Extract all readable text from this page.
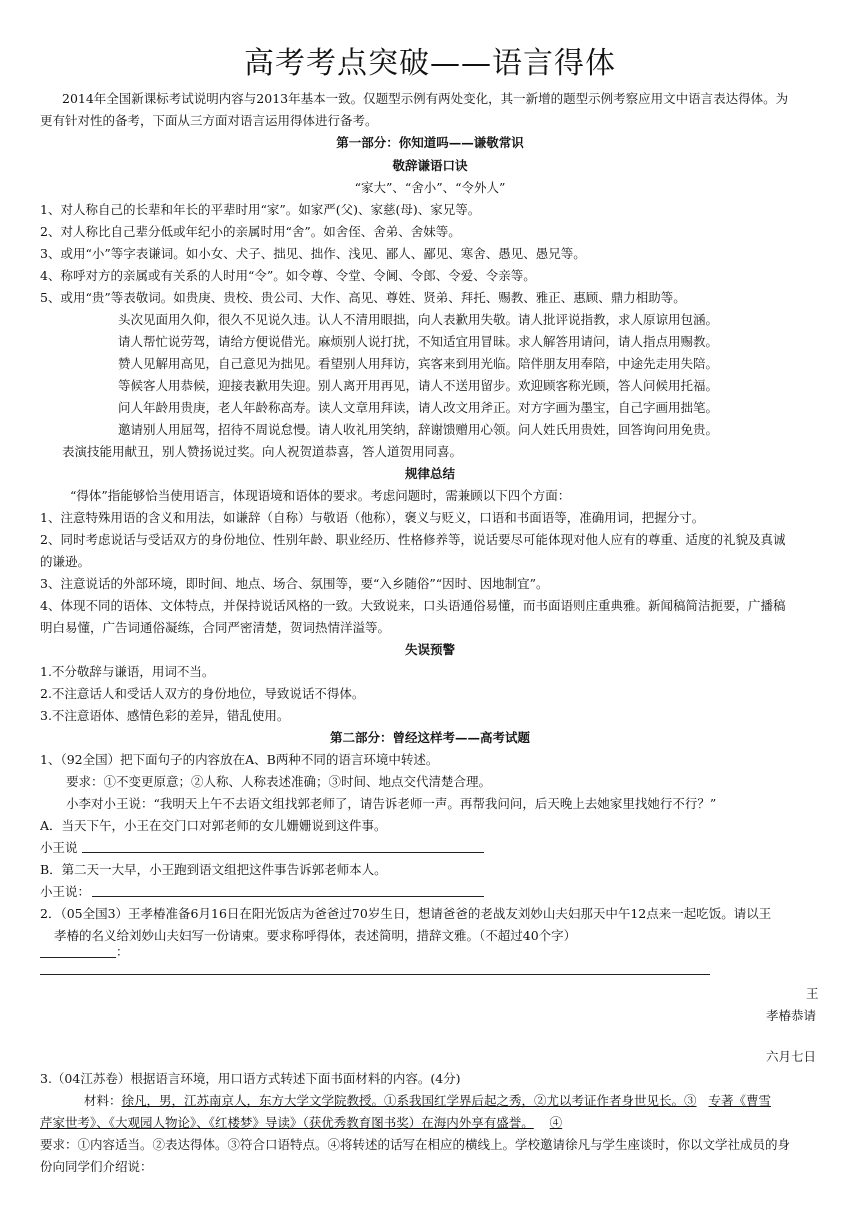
高考考点突破——语言得体
2014年全国新课标考试说明内容与2013年基本一致。仅题型示例有两处变化，其一新增的题型示例考察应用文中语言表达得体。为
更有针对性的备考，下面从三方面对语言运用得体进行备考。
第一部分：你知道吗——谦敬常识
敬辞谦语口诀
“家大”、“舍小”、“令外人”
1、对人称自己的长辈和年长的平辈时用“家”。如家严(父)、家慈(母)、家兄等。
2、对人称比自己辈分低或年纪小的亲属时用“舍”。如舍侄、舍弟、舍妹等。
3、或用“小”等字表谦词。如小女、犬子、拙见、拙作、浅见、鄙人、鄙见、寒舍、愚见、愚兄等。
4、称呼对方的亲属或有关系的人时用“令”。如令尊、令堂、令阃、令郎、令爱、令亲等。
5、或用“贵”等表敬词。如贵庚、贵校、贵公司、大作、高见、尊姓、贤弟、拜托、赐教、雅正、惠顾、鼎力相助等。
头次见面用久仰，很久不见说久违。认人不清用眼拙，向人表歉用失敬。请人批评说指教，求人原谅用包涵。
请人帮忙说劳驾，请给方便说借光。麻烦别人说打扰，不知适宜用冒昧。求人解答用请问，请人指点用赐教。
赞人见解用高见，自己意见为拙见。看望别人用拜访，宾客来到用光临。陪伴朋友用奉陪，中途先走用失陪。
等候客人用恭候，迎接表歉用失迎。别人离开用再见，请人不送用留步。欢迎顾客称光顾，答人问候用托福。
问人年龄用贵庚，老人年龄称高寿。读人文章用拜读，请人改文用斧正。对方字画为墨宝，自己字画用拙笔。
邀请别人用屈驾，招待不周说怠慢。请人收礼用笑纳，辞谢馈赠用心领。问人姓氏用贵姓，回答询问用免贵。
表演技能用献丑，别人赞扬说过奖。向人祝贺道恭喜，答人道贺用同喜。
规律总结
“得体”指能够恰当使用语言，体现语境和语体的要求。考虑问题时，需兼顾以下四个方面：
1、注意特殊用语的含义和用法，如谦辞（自称）与敬语（他称），褒义与贬义，口语和书面语等，准确用词，把握分寸。
2、同时考虑说话与受话双方的身份地位、性别年龄、职业经历、性格修养等，说话要尽可能体现对他人应有的尊重、适度的礼貌及真诚
的谦逊。
3、注意说话的外部环境，即时间、地点、场合、氛围等，要“入乡随俗”“因时、因地制宜”。
4、体现不同的语体、文体特点，并保持说话风格的一致。大致说来，口头语通俗易懂，而书面语则庄重典雅。新闻稿简洁扼要，广播稿
明白易懂，广告词通俗凝练，合同严密清楚，贺词热情洋溢等。
失误预警
1.不分敬辞与谦语，用词不当。
2.不注意话人和受话人双方的身份地位，导致说话不得体。
3.不注意语体、感情色彩的差异，错乱使用。
第二部分：曾经这样考——高考试题
1、（92全国）把下面句子的内容放在A、B两种不同的语言环境中转述。
要求：①不变更原意；②人称、人称表述准确；③时间、地点交代清楚合理。
小李对小王说：“我明天上午不去语文组找郭老师了，请告诉老师一声。再帮我问问，后天晚上去她家里找她行不行？”
A．当天下午，小王在交门口对郭老师的女儿姗姗说到这件事。
小王说
B．第二天一大早，小王跑到语文组把这件事告诉郭老师本人。
小王说：
2．（05全国3）王孝椿准备6月16日在阳光饭店为爸爸过70岁生日，想请爸爸的老战友刘妙山夫妇那天中午12点来一起吃饭。请以王
孝椿的名义给刘妙山夫妇写一份请柬。要求称呼得体，表述简明，措辞文雅。（不超过40个字）
：
王
孝椿恭请
六月七日
3.（04江苏卷）根据语言环境，用口语方式转述下面书面材料的内容。(4分)
材料：徐凡，男，江苏南京人，东方大学文学院教授。①系我国红学界后起之秀，②尤以考证作者身世见长。③ 专著《曹雪
芹家世考》、《大观园人物论》、《红楼梦》导读》（获优秀教育图书奖）在海内外享有盛誉。 ④
要求：①内容适当。②表达得体。③符合口语特点。④将转述的话写在相应的横线上。学校邀请徐凡与学生座谈时，你以文学社成员的身
份向同学们介绍说：
